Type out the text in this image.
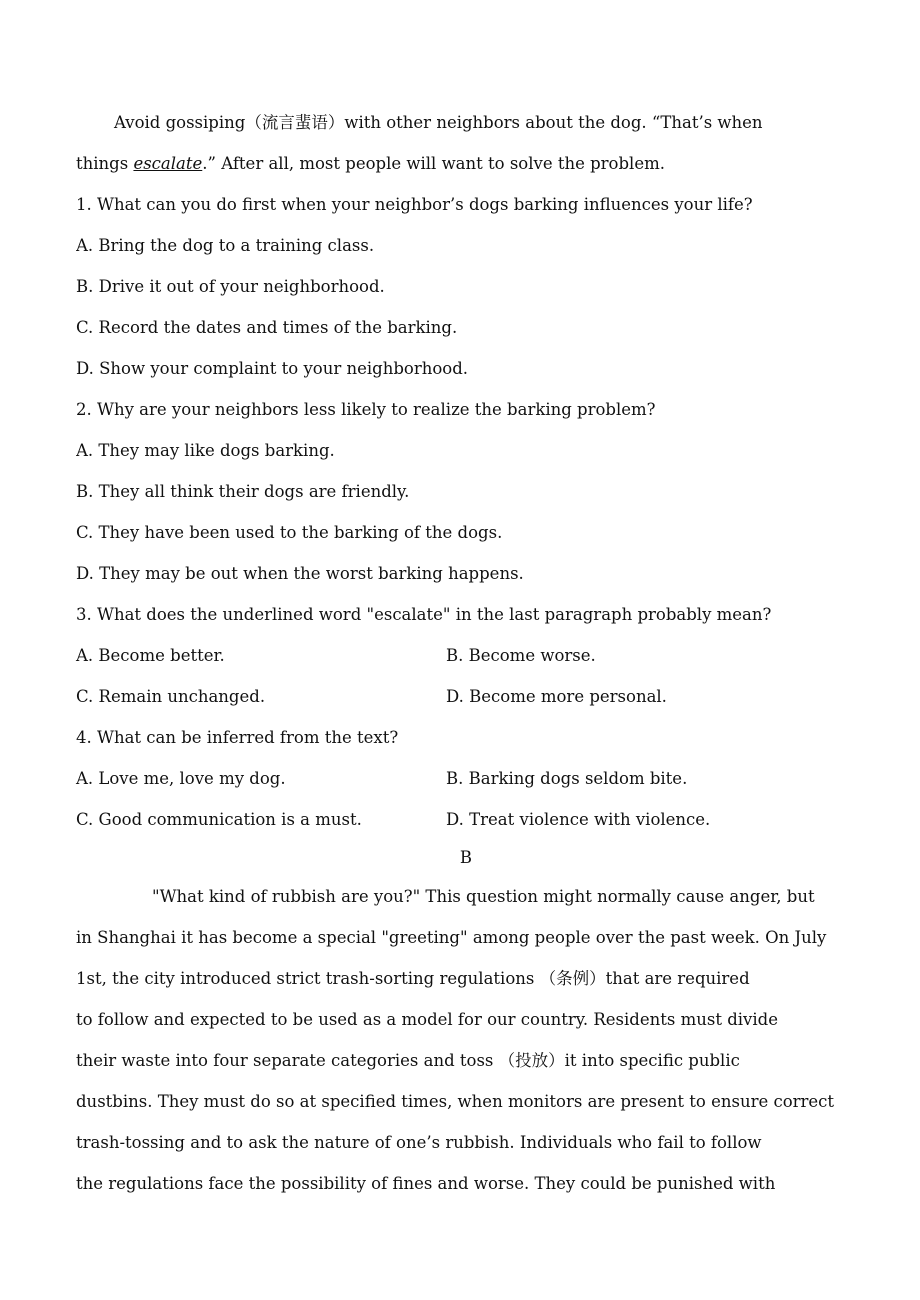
Avoid gossiping（流言蜚语）with other neighbors about the dog. “That’s when
things escalate.” After all, most people will want to solve the problem.
1. What can you do first when your neighbor’s dogs barking influences your life?
A. Bring the dog to a training class.
B. Drive it out of your neighborhood.
C. Record the dates and times of the barking.
D. Show your complaint to your neighborhood.
2. Why are your neighbors less likely to realize the barking problem?
A. They may like dogs barking.
B. They all think their dogs are friendly.
C. They have been used to the barking of the dogs.
D. They may be out when the worst barking happens.
3. What does the underlined word "escalate" in the last paragraph probably mean?
A. Become better.	B. Become worse.
C. Remain unchanged.	D. Become more personal.
4. What can be inferred from the text?
A. Love me, love my dog.	B. Barking dogs seldom bite.
C. Good communication is a must.	D. Treat violence with violence.
B
"What kind of rubbish are you?" This question might normally cause anger, but
in Shanghai it has become a special "greeting" among people over the past week. On July
1st, the city introduced strict trash-sorting regulations （条例）that are required
to follow and expected to be used as a model for our country. Residents must divide
their waste into four separate categories and toss （投放）it into specific public
dustbins. They must do so at specified times, when monitors are present to ensure correct
trash-tossing and to ask the nature of one’s rubbish. Individuals who fail to follow
the regulations face the possibility of fines and worse. They could be punished with
